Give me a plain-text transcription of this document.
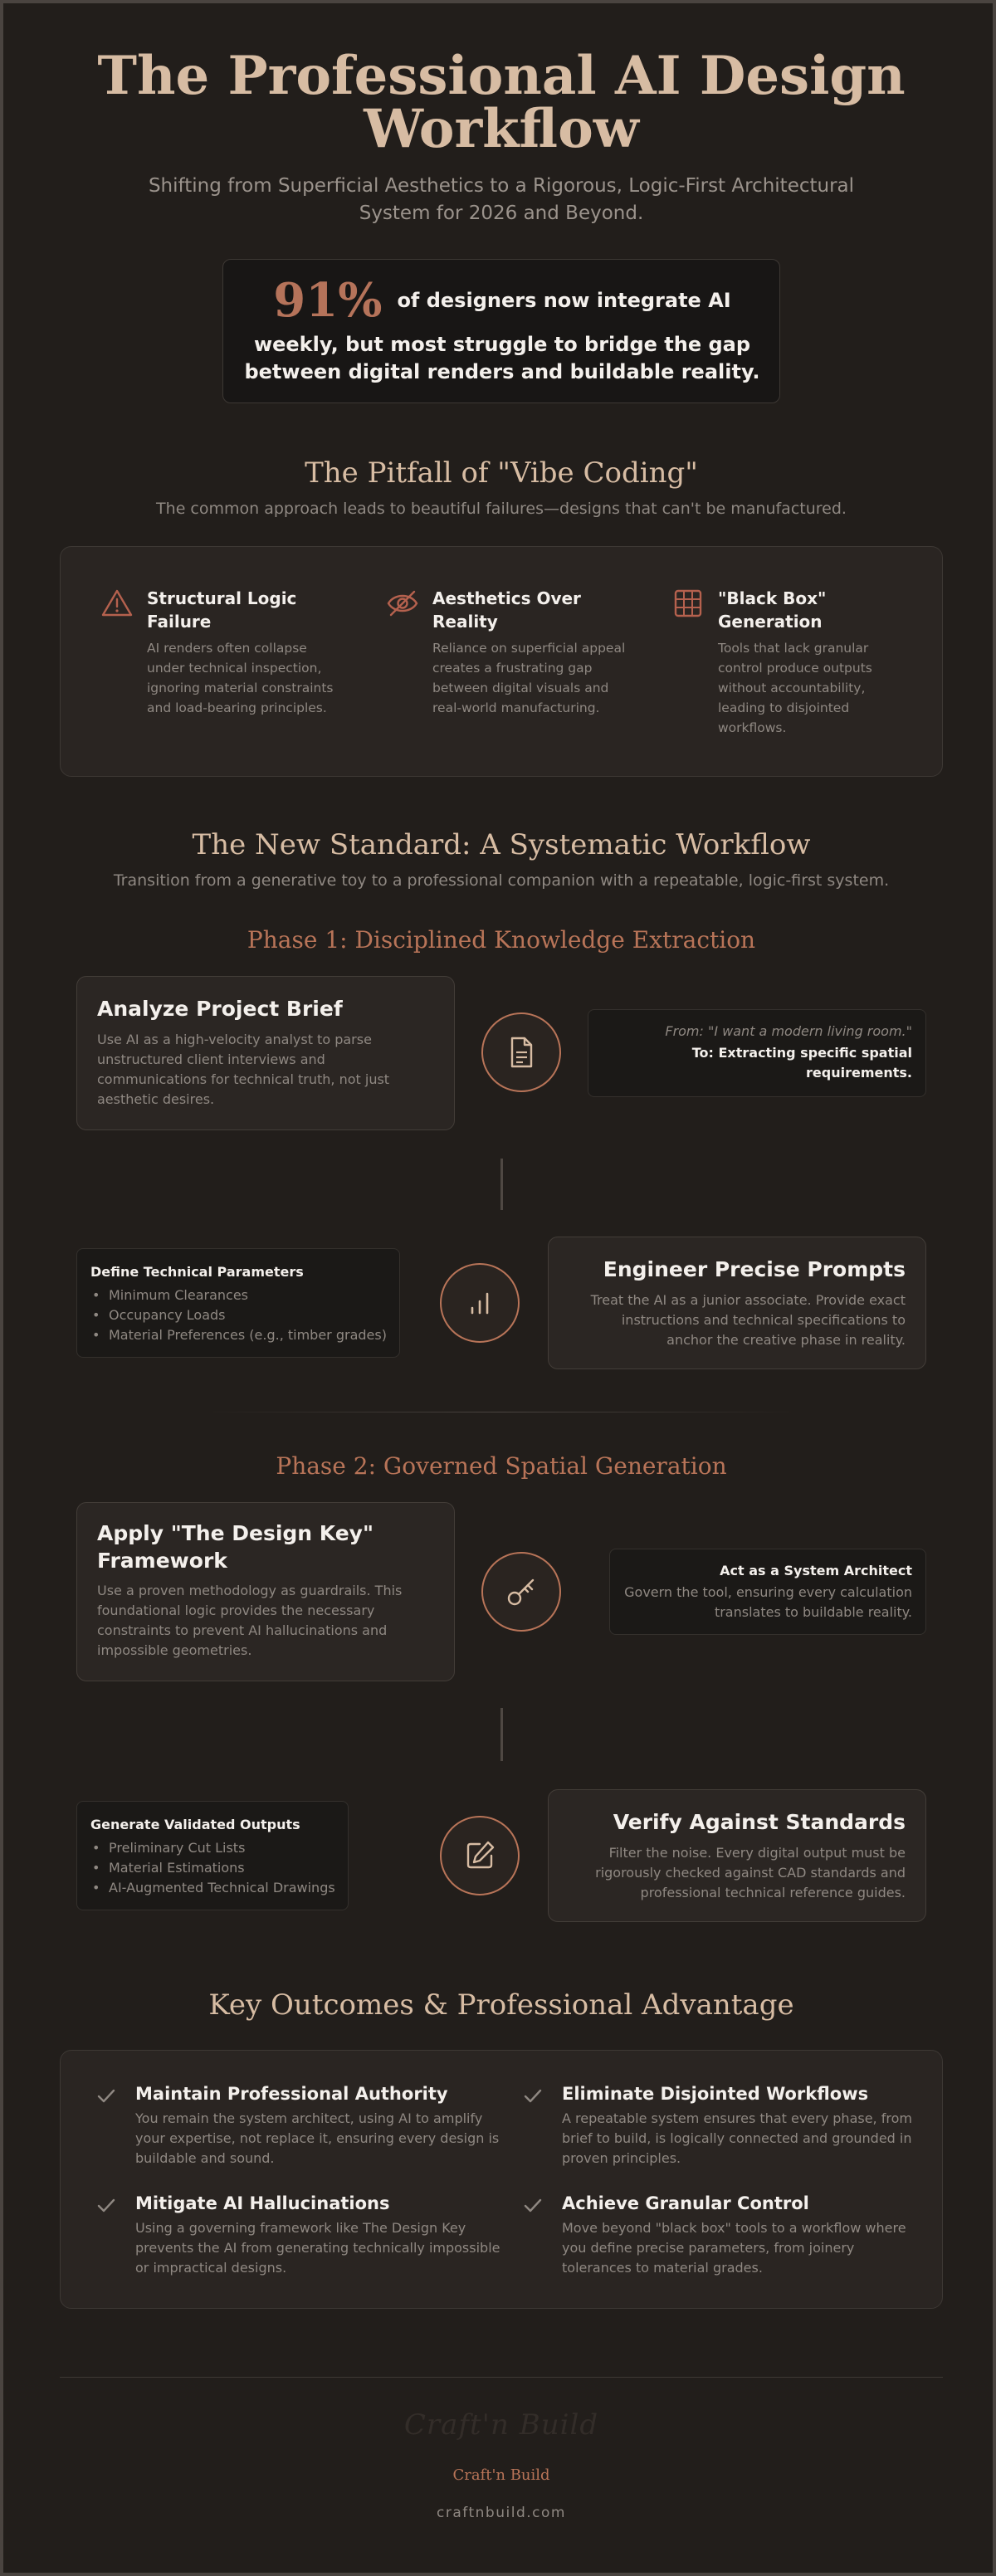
The Professional AI Design
Workflow
Shifting from Superficial Aesthetics to a Rigorous, Logic-First Architectural System for 2026 and Beyond.
91% of designers now integrate AI
weekly, but most struggle to bridge the gap between digital renders and buildable reality.
The Pitfall of "Vibe Coding"
The common approach leads to beautiful failures—designs that can't be manufactured.
Structural Logic Failure
AI renders often collapse under technical inspection, ignoring material constraints and load-bearing principles.
Aesthetics Over Reality
Reliance on superficial appeal creates a frustrating gap between digital visuals and real-world manufacturing.
"Black Box" Generation
Tools that lack granular control produce outputs without accountability, leading to disjointed workflows.
The New Standard: A Systematic Workflow
Transition from a generative toy to a professional companion with a repeatable, logic-first system.
Phase 1: Disciplined Knowledge Extraction
Analyze Project Brief
Use AI as a high-velocity analyst to parse unstructured client interviews and communications for technical truth, not just aesthetic desires.
From: "I want a modern living room."
To: Extracting specific spatial requirements.
Define Technical Parameters
• Minimum Clearances
• Occupancy Loads
• Material Preferences (e.g., timber grades)
Engineer Precise Prompts
Treat the AI as a junior associate. Provide exact instructions and technical specifications to anchor the creative phase in reality.
Phase 2: Governed Spatial Generation
Apply "The Design Key" Framework
Use a proven methodology as guardrails. This foundational logic provides the necessary constraints to prevent AI hallucinations and impossible geometries.
Act as a System Architect
Govern the tool, ensuring every calculation translates to buildable reality.
Generate Validated Outputs
• Preliminary Cut Lists
• Material Estimations
• AI-Augmented Technical Drawings
Verify Against Standards
Filter the noise. Every digital output must be rigorously checked against CAD standards and professional technical reference guides.
Key Outcomes & Professional Advantage
Maintain Professional Authority
You remain the system architect, using AI to amplify your expertise, not replace it, ensuring every design is buildable and sound.
Eliminate Disjointed Workflows
A repeatable system ensures that every phase, from brief to build, is logically connected and grounded in proven principles.
Mitigate AI Hallucinations
Using a governing framework like The Design Key prevents the AI from generating technically impossible or impractical designs.
Achieve Granular Control
Move beyond "black box" tools to a workflow where you define precise parameters, from joinery tolerances to material grades.
Craft'n Build
Craft'n Build
craftnbuild.com
